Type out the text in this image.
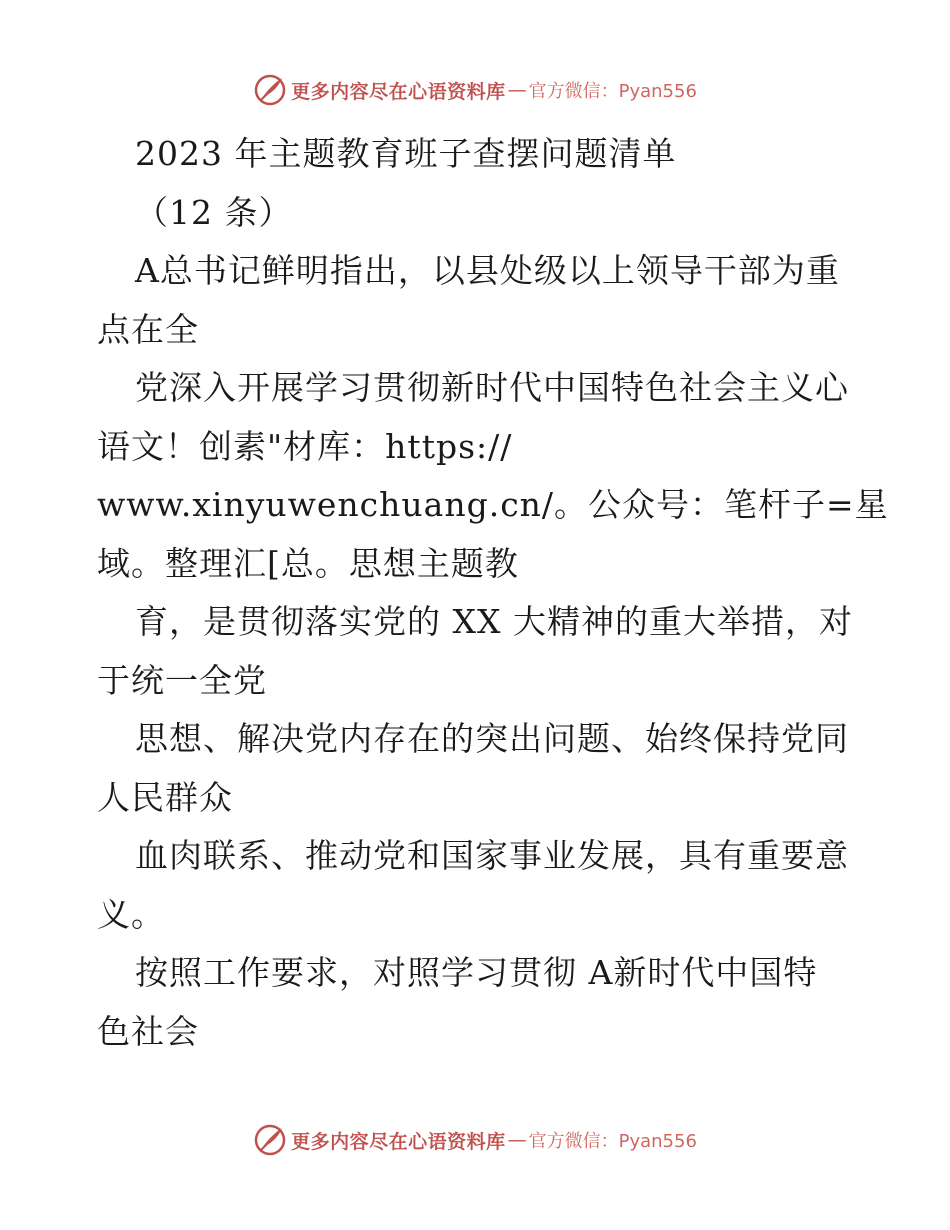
更多内容尽在心语资料库 — 官方微信：Pyan556
2023 年主题教育班子查摆问题清单
（12 条）
A总书记鲜明指出，以县处级以上领导干部为重
点在全
党深入开展学习贯彻新时代中国特色社会主义心
语文！创素"材库：https://
www.xinyuwenchuang.cn/。公众号：笔杆子=星
域。整理汇[总。思想主题教
育，是贯彻落实党的 XX 大精神的重大举措，对
于统一全党
思想、解决党内存在的突出问题、始终保持党同
人民群众
血肉联系、推动党和国家事业发展，具有重要意
义。
按照工作要求，对照学习贯彻 A新时代中国特
色社会
更多内容尽在心语资料库 — 官方微信：Pyan556
